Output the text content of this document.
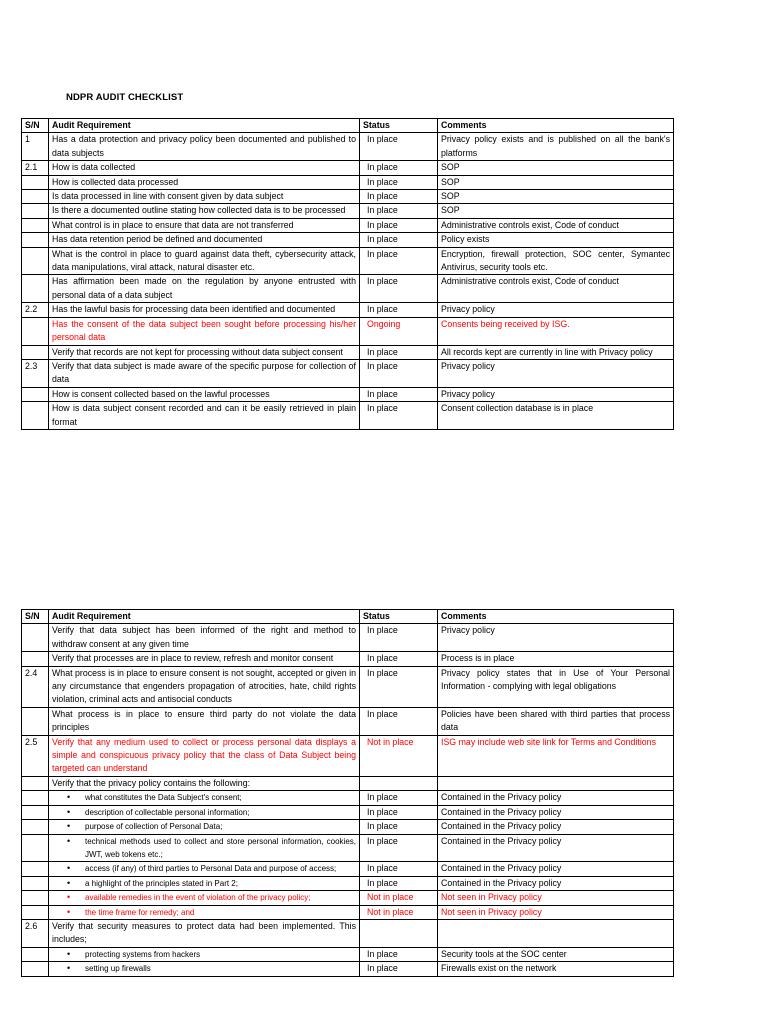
NDPR AUDIT CHECKLIST
S/N	Audit Requirement	Status	Comments
1	Has a data protection and privacy policy been documented and published to data subjects	In place	Privacy policy exists and is published on all the bank's platforms
2.1	How is data collected	In place	SOP
	How is collected data processed	In place	SOP
	Is data processed in line with consent given by data subject	In place	SOP
	Is there a documented outline stating how collected data is to be processed	In place	SOP
	What control is in place to ensure that data are not transferred	In place	Administrative controls exist, Code of conduct
	Has data retention period be defined and documented	In place	Policy exists
	What is the control in place to guard against data theft, cybersecurity attack, data manipulations, viral attack, natural disaster etc.	In place	Encryption, firewall protection, SOC center, Symantec Antivirus, security tools etc.
	Has affirmation been made on the regulation by anyone entrusted with personal data of a data subject	In place	Administrative controls exist, Code of conduct
2.2	Has the lawful basis for processing data been identified and documented	In place	Privacy policy
	Has the consent of the data subject been sought before processing his/her personal data	Ongoing	Consents being received by ISG.
	Verify that records are not kept for processing without data subject consent	In place	All records kept are currently in line with Privacy policy
2.3	Verify that data subject is made aware of the specific purpose for collection of data	In place	Privacy policy
	How is consent collected based on the lawful processes	In place	Privacy policy
	How is data subject consent recorded and can it be easily retrieved in plain format	In place	Consent collection database is in place
S/N	Audit Requirement	Status	Comments
	Verify that data subject has been informed of the right and method to withdraw consent at any given time	In place	Privacy policy
	Verify that processes are in place to review, refresh and monitor consent	In place	Process is in place
2.4	What process is in place to ensure consent is not sought, accepted or given in any circumstance that engenders propagation of atrocities, hate, child rights violation, criminal acts and antisocial conducts	In place	Privacy policy states that in Use of Your Personal Information - complying with legal obligations
	What process is in place to ensure third party do not violate the data principles	In place	Policies have been shared with third parties that process data
2.5	Verify that any medium used to collect or process personal data displays a simple and conspicuous privacy policy that the class of Data Subject being targeted can understand	Not in place	ISG may include web site link for Terms and Conditions
	Verify that the privacy policy contains the following:		
	• what constitutes the Data Subject's consent;	In place	Contained in the Privacy policy
	• description of collectable personal information;	In place	Contained in the Privacy policy
	• purpose of collection of Personal Data;	In place	Contained in the Privacy policy
	• technical methods used to collect and store personal information, cookies, JWT, web tokens etc.;	In place	Contained in the Privacy policy
	• access (if any) of third parties to Personal Data and purpose of access;	In place	Contained in the Privacy policy
	• a highlight of the principles stated in Part 2;	In place	Contained in the Privacy policy
	• available remedies in the event of violation of the privacy policy;	Not in place	Not seen in Privacy policy
	• the time frame for remedy; and	Not in place	Not seen in Privacy policy
2.6	Verify that security measures to protect data had been implemented. This includes;		
	• protecting systems from hackers	In place	Security tools at the SOC center
	• setting up firewalls	In place	Firewalls exist on the network
